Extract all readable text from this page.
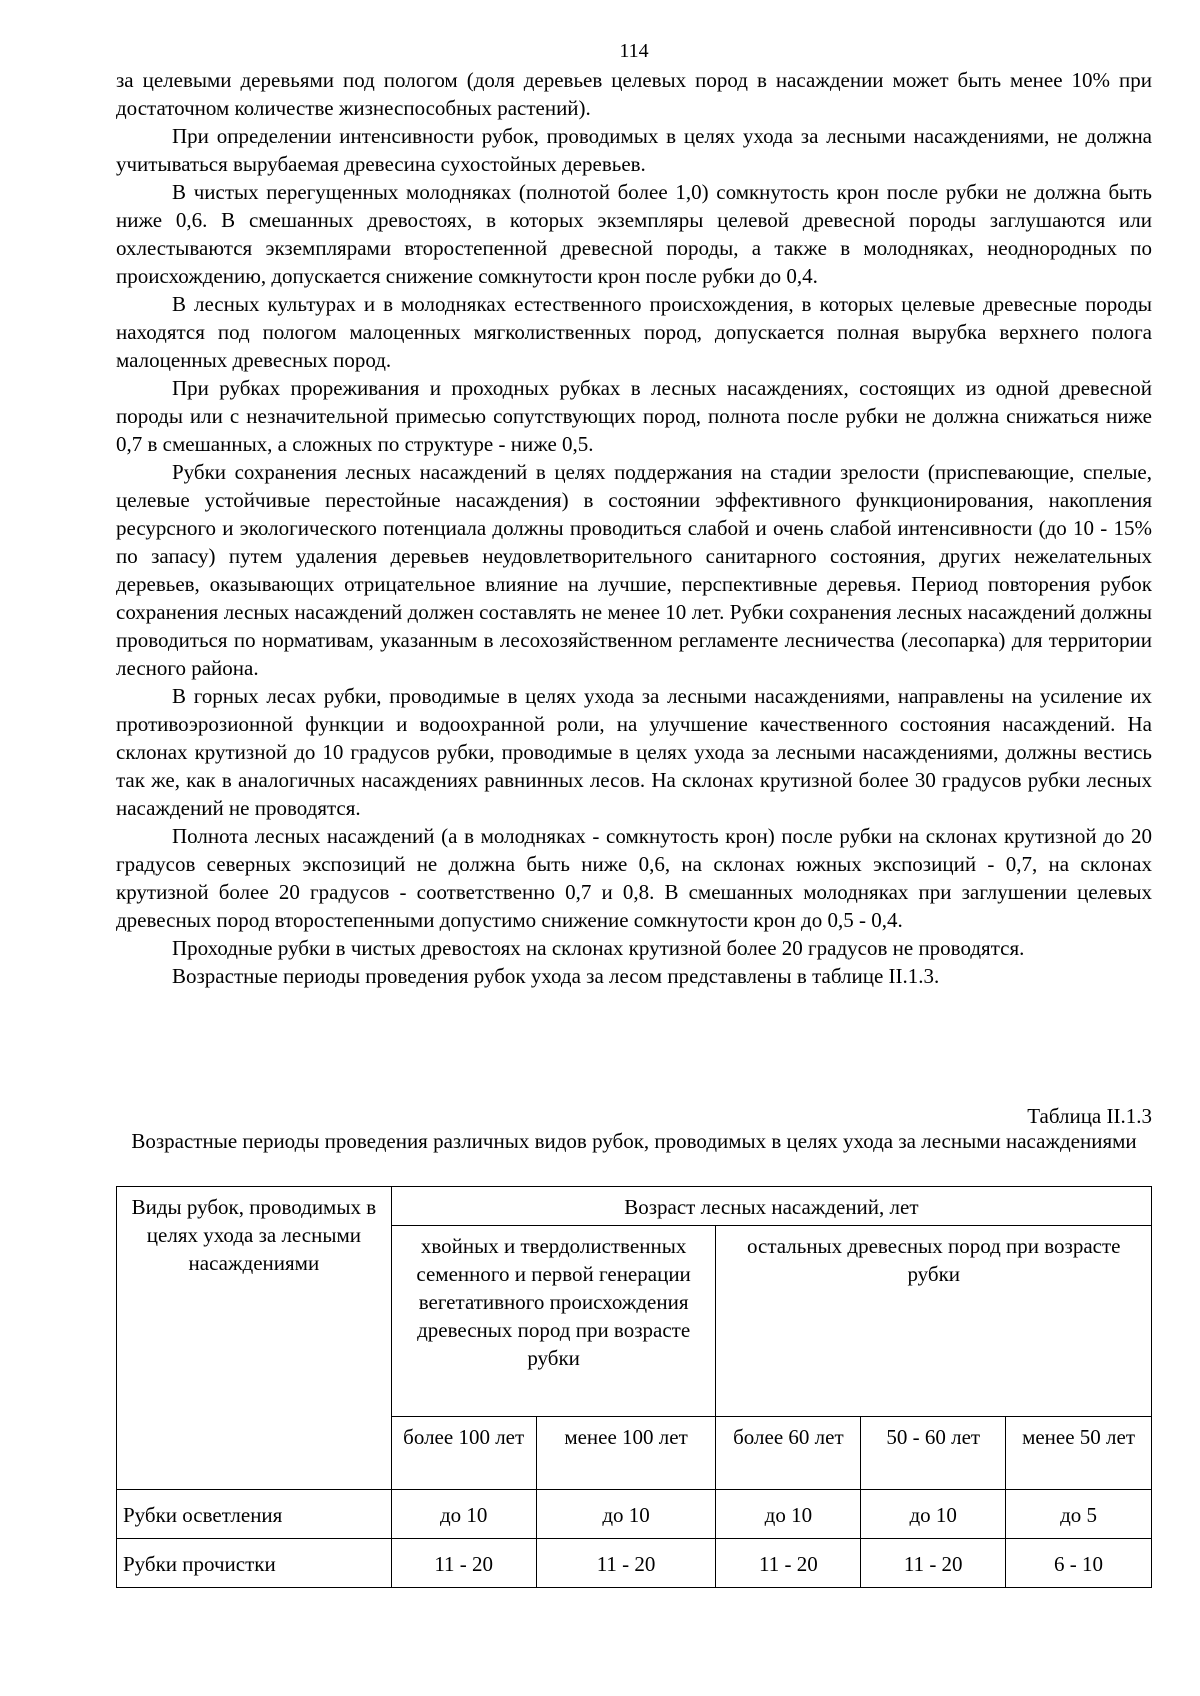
114

за целевыми деревьями под пологом (доля деревьев целевых пород в насаждении может быть менее 10% при достаточном количестве жизнеспособных растений).

При определении интенсивности рубок, проводимых в целях ухода за лесными насаждениями, не должна учитываться вырубаемая древесина сухостойных деревьев.

В чистых перегущенных молодняках (полнотой более 1,0) сомкнутость крон после рубки не должна быть ниже 0,6. В смешанных древостоях, в которых экземпляры целевой древесной породы заглушаются или охлестываются экземплярами второстепенной древесной породы, а также в молодняках, неоднородных по происхождению, допускается снижение сомкнутости крон после рубки до 0,4.

В лесных культурах и в молодняках естественного происхождения, в которых целевые древесные породы находятся под пологом малоценных мягколиственных пород, допускается полная вырубка верхнего полога малоценных древесных пород.

При рубках прореживания и проходных рубках в лесных насаждениях, состоящих из одной древесной породы или с незначительной примесью сопутствующих пород, полнота после рубки не должна снижаться ниже 0,7 в смешанных, а сложных по структуре - ниже 0,5.

Рубки сохранения лесных насаждений в целях поддержания на стадии зрелости (приспевающие, спелые, целевые устойчивые перестойные насаждения) в состоянии эффективного функционирования, накопления ресурсного и экологического потенциала должны проводиться слабой и очень слабой интенсивности (до 10 - 15% по запасу) путем удаления деревьев неудовлетворительного санитарного состояния, других нежелательных деревьев, оказывающих отрицательное влияние на лучшие, перспективные деревья. Период повторения рубок сохранения лесных насаждений должен составлять не менее 10 лет. Рубки сохранения лесных насаждений должны проводиться по нормативам, указанным в лесохозяйственном регламенте лесничества (лесопарка) для территории лесного района.

В горных лесах рубки, проводимые в целях ухода за лесными насаждениями, направлены на усиление их противоэрозионной функции и водоохранной роли, на улучшение качественного состояния насаждений. На склонах крутизной до 10 градусов рубки, проводимые в целях ухода за лесными насаждениями, должны вестись так же, как в аналогичных насаждениях равнинных лесов. На склонах крутизной более 30 градусов рубки лесных насаждений не проводятся.

Полнота лесных насаждений (а в молодняках - сомкнутость крон) после рубки на склонах крутизной до 20 градусов северных экспозиций не должна быть ниже 0,6, на склонах южных экспозиций - 0,7, на склонах крутизной более 20 градусов - соответственно 0,7 и 0,8. В смешанных молодняках при заглушении целевых древесных пород второстепенными допустимо снижение сомкнутости крон до 0,5 - 0,4.

Проходные рубки в чистых древостоях на склонах крутизной более 20 градусов не проводятся.

Возрастные периоды проведения рубок ухода за лесом представлены в таблице II.1.3.

Таблица II.1.3
Возрастные периоды проведения различных видов рубок, проводимых в целях ухода за лесными насаждениями
Виды рубок, проводимых в целях ухода за лесными насаждениями	Возраст лесных насаждений, лет				
	хвойных и твердолиственных семенного и первой генерации вегетативного происхождения древесных пород при возрасте рубки		остальных древесных пород при возрасте рубки		
	более 100 лет	менее 100 лет	более 60 лет	50 - 60 лет	менее 50 лет
Рубки осветления	до 10	до 10	до 10	до 10	до 5
Рубки прочистки	11 - 20	11 - 20	11 - 20	11 - 20	6 - 10
